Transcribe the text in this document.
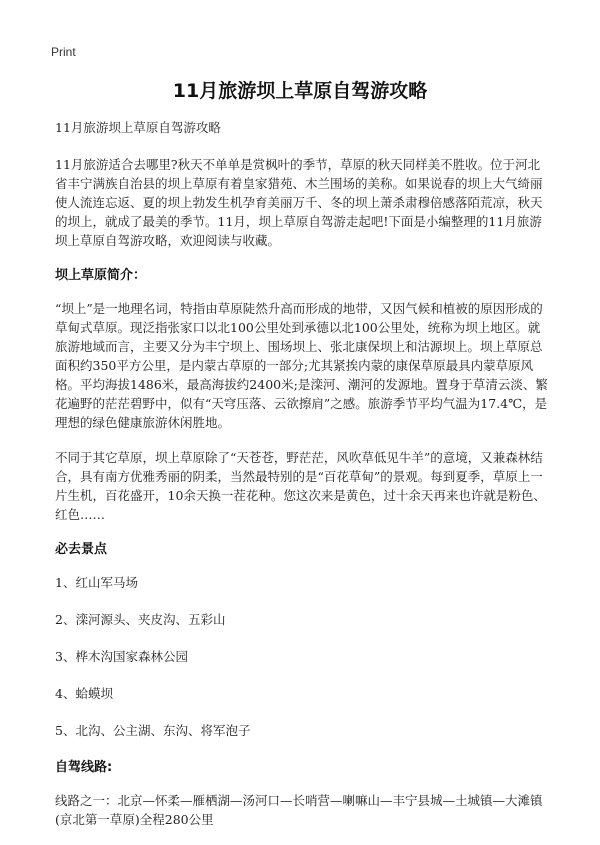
Print
11月旅游坝上草原自驾游攻略

11月旅游坝上草原自驾游攻略

11月旅游适合去哪里?秋天不单单是赏枫叶的季节，草原的秋天同样美不胜收。位于河北省丰宁满族自治县的坝上草原有着皇家猎苑、木兰围场的美称。如果说春的坝上大气绮丽使人流连忘返、夏的坝上勃发生机孕育美丽万千、冬的坝上萧杀肃穆倍感落陌荒凉，秋天的坝上，就成了最美的季节。11月，坝上草原自驾游走起吧!下面是小编整理的11月旅游坝上草原自驾游攻略，欢迎阅读与收藏。

坝上草原简介：

“坝上”是一地理名词，特指由草原陡然升高而形成的地带，又因气候和植被的原因形成的草甸式草原。现泛指张家口以北100公里处到承德以北100公里处，统称为坝上地区。就旅游地域而言，主要又分为丰宁坝上、围场坝上、张北康保坝上和沽源坝上。坝上草原总面积约350平方公里，是内蒙古草原的一部分;尤其紧挨内蒙的康保草原最具内蒙草原风格。平均海拔1486米，最高海拔约2400米;是滦河、潮河的发源地。置身于草清云淡、繁花遍野的茫茫碧野中，似有“天穹压落、云欲擦肩”之感。旅游季节平均气温为17.4℃，是理想的绿色健康旅游休闲胜地。

不同于其它草原，坝上草原除了“天苍苍，野茫茫，风吹草低见牛羊”的意境，又兼森林结合，具有南方优雅秀丽的阴柔，当然最特别的是“百花草甸”的景观。每到夏季，草原上一片生机，百花盛开，10余天换一茬花种。您这次来是黄色，过十余天再来也许就是粉色、红色……

必去景点
1、红山军马场
2、滦河源头、夹皮沟、五彩山
3、桦木沟国家森林公园
4、蛤蟆坝
5、北沟、公主湖、东沟、将军泡子
自驾线路:

线路之一：北京—怀柔—雁栖湖—汤河口—长哨营—喇嘛山—丰宁县城—土城镇—大滩镇(京北第一草原)全程280公里
